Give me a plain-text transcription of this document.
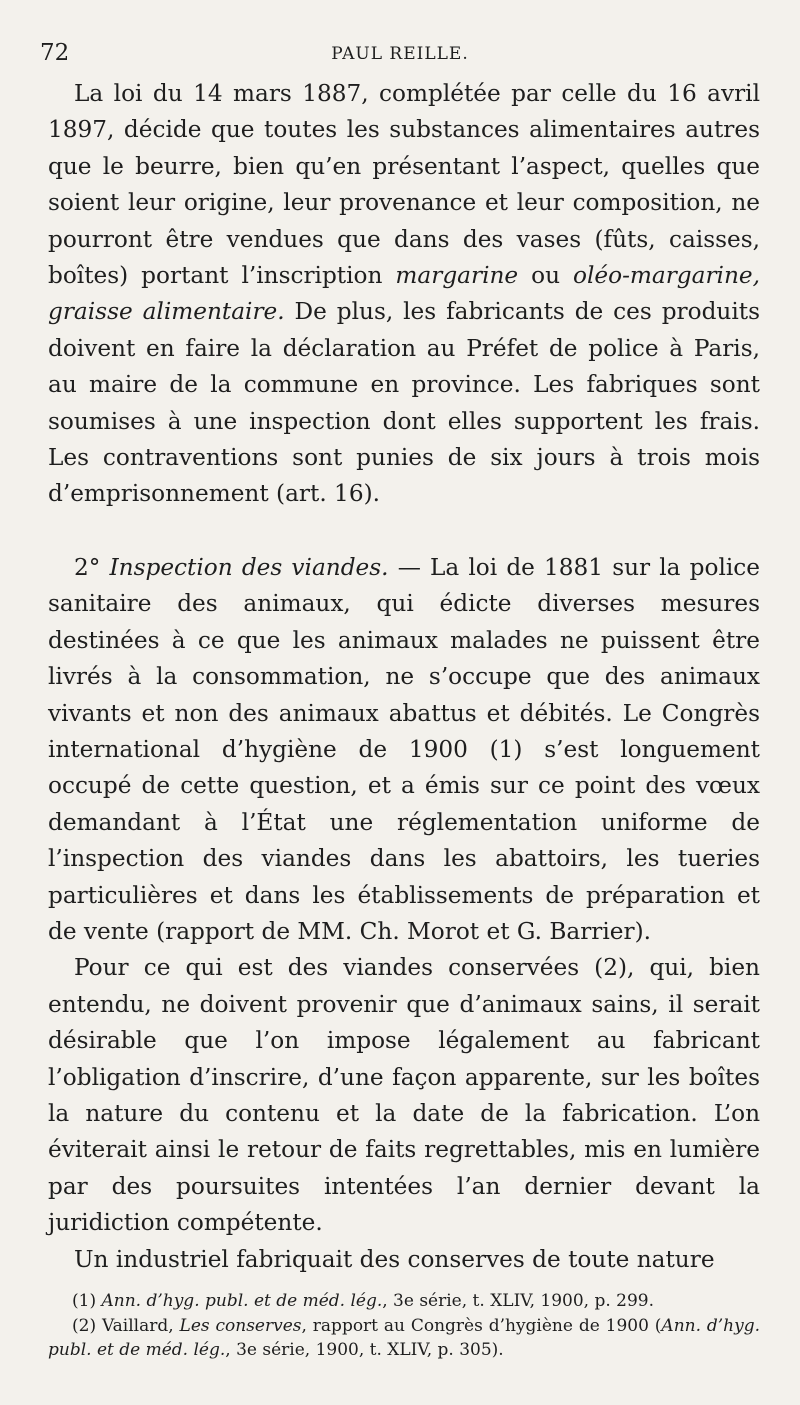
72	PAUL REILLE.

La loi du 14 mars 1887, complétée par celle du 16 avril 1897, décide que toutes les substances alimentaires autres que le beurre, bien qu’en présentant l’aspect, quelles que soient leur origine, leur provenance et leur composition, ne pourront être vendues que dans des vases (fûts, caisses, boîtes) portant l’inscription margarine ou oléo-margarine, graisse alimentaire. De plus, les fabricants de ces produits doivent en faire la déclaration au Préfet de police à Paris, au maire de la commune en province. Les fabriques sont soumises à une inspection dont elles supportent les frais. Les contraventions sont punies de six jours à trois mois d’emprisonnement (art. 16).

2° Inspection des viandes. — La loi de 1881 sur la police sanitaire des animaux, qui édicte diverses mesures destinées à ce que les animaux malades ne puissent être livrés à la consommation, ne s’occupe que des animaux vivants et non des animaux abattus et débités. Le Congrès international d’hygiène de 1900 (1) s’est longuement occupé de cette question, et a émis sur ce point des vœux demandant à l’État une réglementation uniforme de l’inspection des viandes dans les abattoirs, les tueries particulières et dans les établissements de préparation et de vente (rapport de MM. Ch. Morot et G. Barrier).

Pour ce qui est des viandes conservées (2), qui, bien entendu, ne doivent provenir que d’animaux sains, il serait désirable que l’on impose légalement au fabricant l’obligation d’inscrire, d’une façon apparente, sur les boîtes la nature du contenu et la date de la fabrication. L’on éviterait ainsi le retour de faits regrettables, mis en lumière par des poursuites intentées l’an dernier devant la juridiction compétente.

Un industriel fabriquait des conserves de toute nature

(1) Ann. d’hyg. publ. et de méd. lég., 3e série, t. XLIV, 1900, p. 299.

(2) Vaillard, Les conserves, rapport au Congrès d’hygiène de 1900 (Ann. d’hyg. publ. et de méd. lég., 3e série, 1900, t. XLIV, p. 305).
